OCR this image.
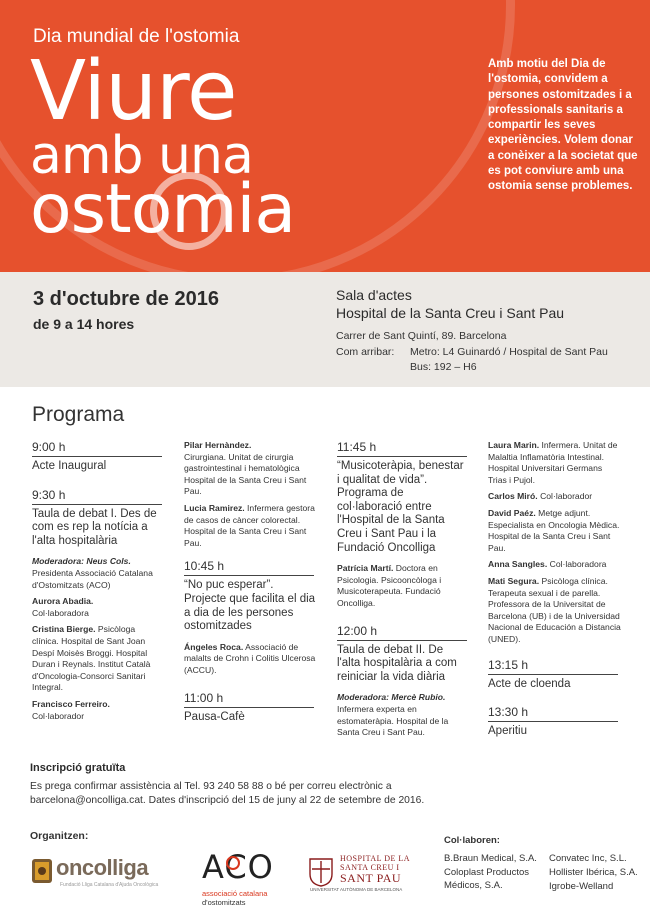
Dia mundial de l'ostomia
Viure
amb una
ostomia
Amb motiu del Dia de l'ostomia, convidem a persones ostomitzades i a professionals sanitaris a compartir les seves experiències. Volem donar a conèixer a la societat que es pot conviure amb una ostomia sense problemes.
3 d'octubre de 2016
de 9 a 14 hores
Sala d'actes
Hospital de la Santa Creu i Sant Pau
Carrer de Sant Quintí, 89. Barcelona
Com arribar: Metro: L4 Guinardó / Hospital de Sant Pau
Bus: 192 – H6
Programa
9:00 h
Acte Inaugural
9:30 h
Taula de debat I. Des de com es rep la notícia a l'alta hospitalària
Moderadora: Neus Cols.
Presidenta Associació Catalana d'Ostomitzats (ACO)
Aurora Abadia.
Col·laboradora
Cristina Bierge. Psicòloga clínica. Hospital de Sant Joan Despí Moisès Broggi. Hospital Duran i Reynals. Institut Català d'Oncologia-Consorci Sanitari Integral.
Francisco Ferreiro.
Col·laborador
Pilar Hernàndez.
Cirurgiana. Unitat de cirurgia gastrointestinal i hematològica Hospital de la Santa Creu i Sant Pau.
Lucia Ramirez. Infermera gestora de casos de càncer colorectal. Hospital de la Santa Creu i Sant Pau.
10:45 h
“No puc esperar”. Projecte que facilita el dia a dia de les persones ostomitzades
Ángeles Roca. Associació de malalts de Crohn i Colitis Ulcerosa (ACCU).
11:00 h
Pausa-Cafè
11:45 h
“Musicoteràpia, benestar i qualitat de vida”. Programa de col·laboració entre l'Hospital de la Santa Creu i Sant Pau i la Fundació Oncolliga
Patrícia Martí. Doctora en Psicologia. Psicooncòloga i Musicoterapeuta. Fundació Oncolliga.
12:00 h
Taula de debat II. De l'alta hospitalària a com reiniciar la vida diària
Moderadora: Mercè Rubio.
Infermera experta en estomateràpia. Hospital de la Santa Creu i Sant Pau.
Laura Marin. Infermera. Unitat de Malaltia Inflamatòria Intestinal. Hospital Universitari Germans Trias i Pujol.
Carlos Miró. Col·laborador
David Paéz. Metge adjunt. Especialista en Oncologia Mèdica. Hospital de la Santa Creu i Sant Pau.
Anna Sangles. Col·laboradora
Mati Segura. Psicòloga clínica. Terapeuta sexual i de parella. Professora de la Universitat de Barcelona (UB) i de la Universidad Nacional de Educación a Distancia (UNED).
13:15 h
Acte de cloenda
13:30 h
Aperitiu
Inscripció gratuïta
Es prega confirmar assistència al Tel. 93 240 58 88 o bé per correu electrònic a barcelona@oncolliga.cat. Dates d'inscripció del 15 de juny al 22 de setembre de 2016.
Organitzen:
oncolliga
Fundació Lliga Catalana d'Ajuda Oncològica ACO
associació catalana
d'ostomitzats
HOSPITAL DE LA
SANTA CREU I
SANT PAU
UNIVERSITAT AUTÒNOMA DE BARCELONA
Col·laboren:
B.Braun Medical, S.A.
Coloplast Productos Médicos, S.A.
Convatec Inc, S.L.
Hollister Ibérica, S.A.
Igrobe-Welland
